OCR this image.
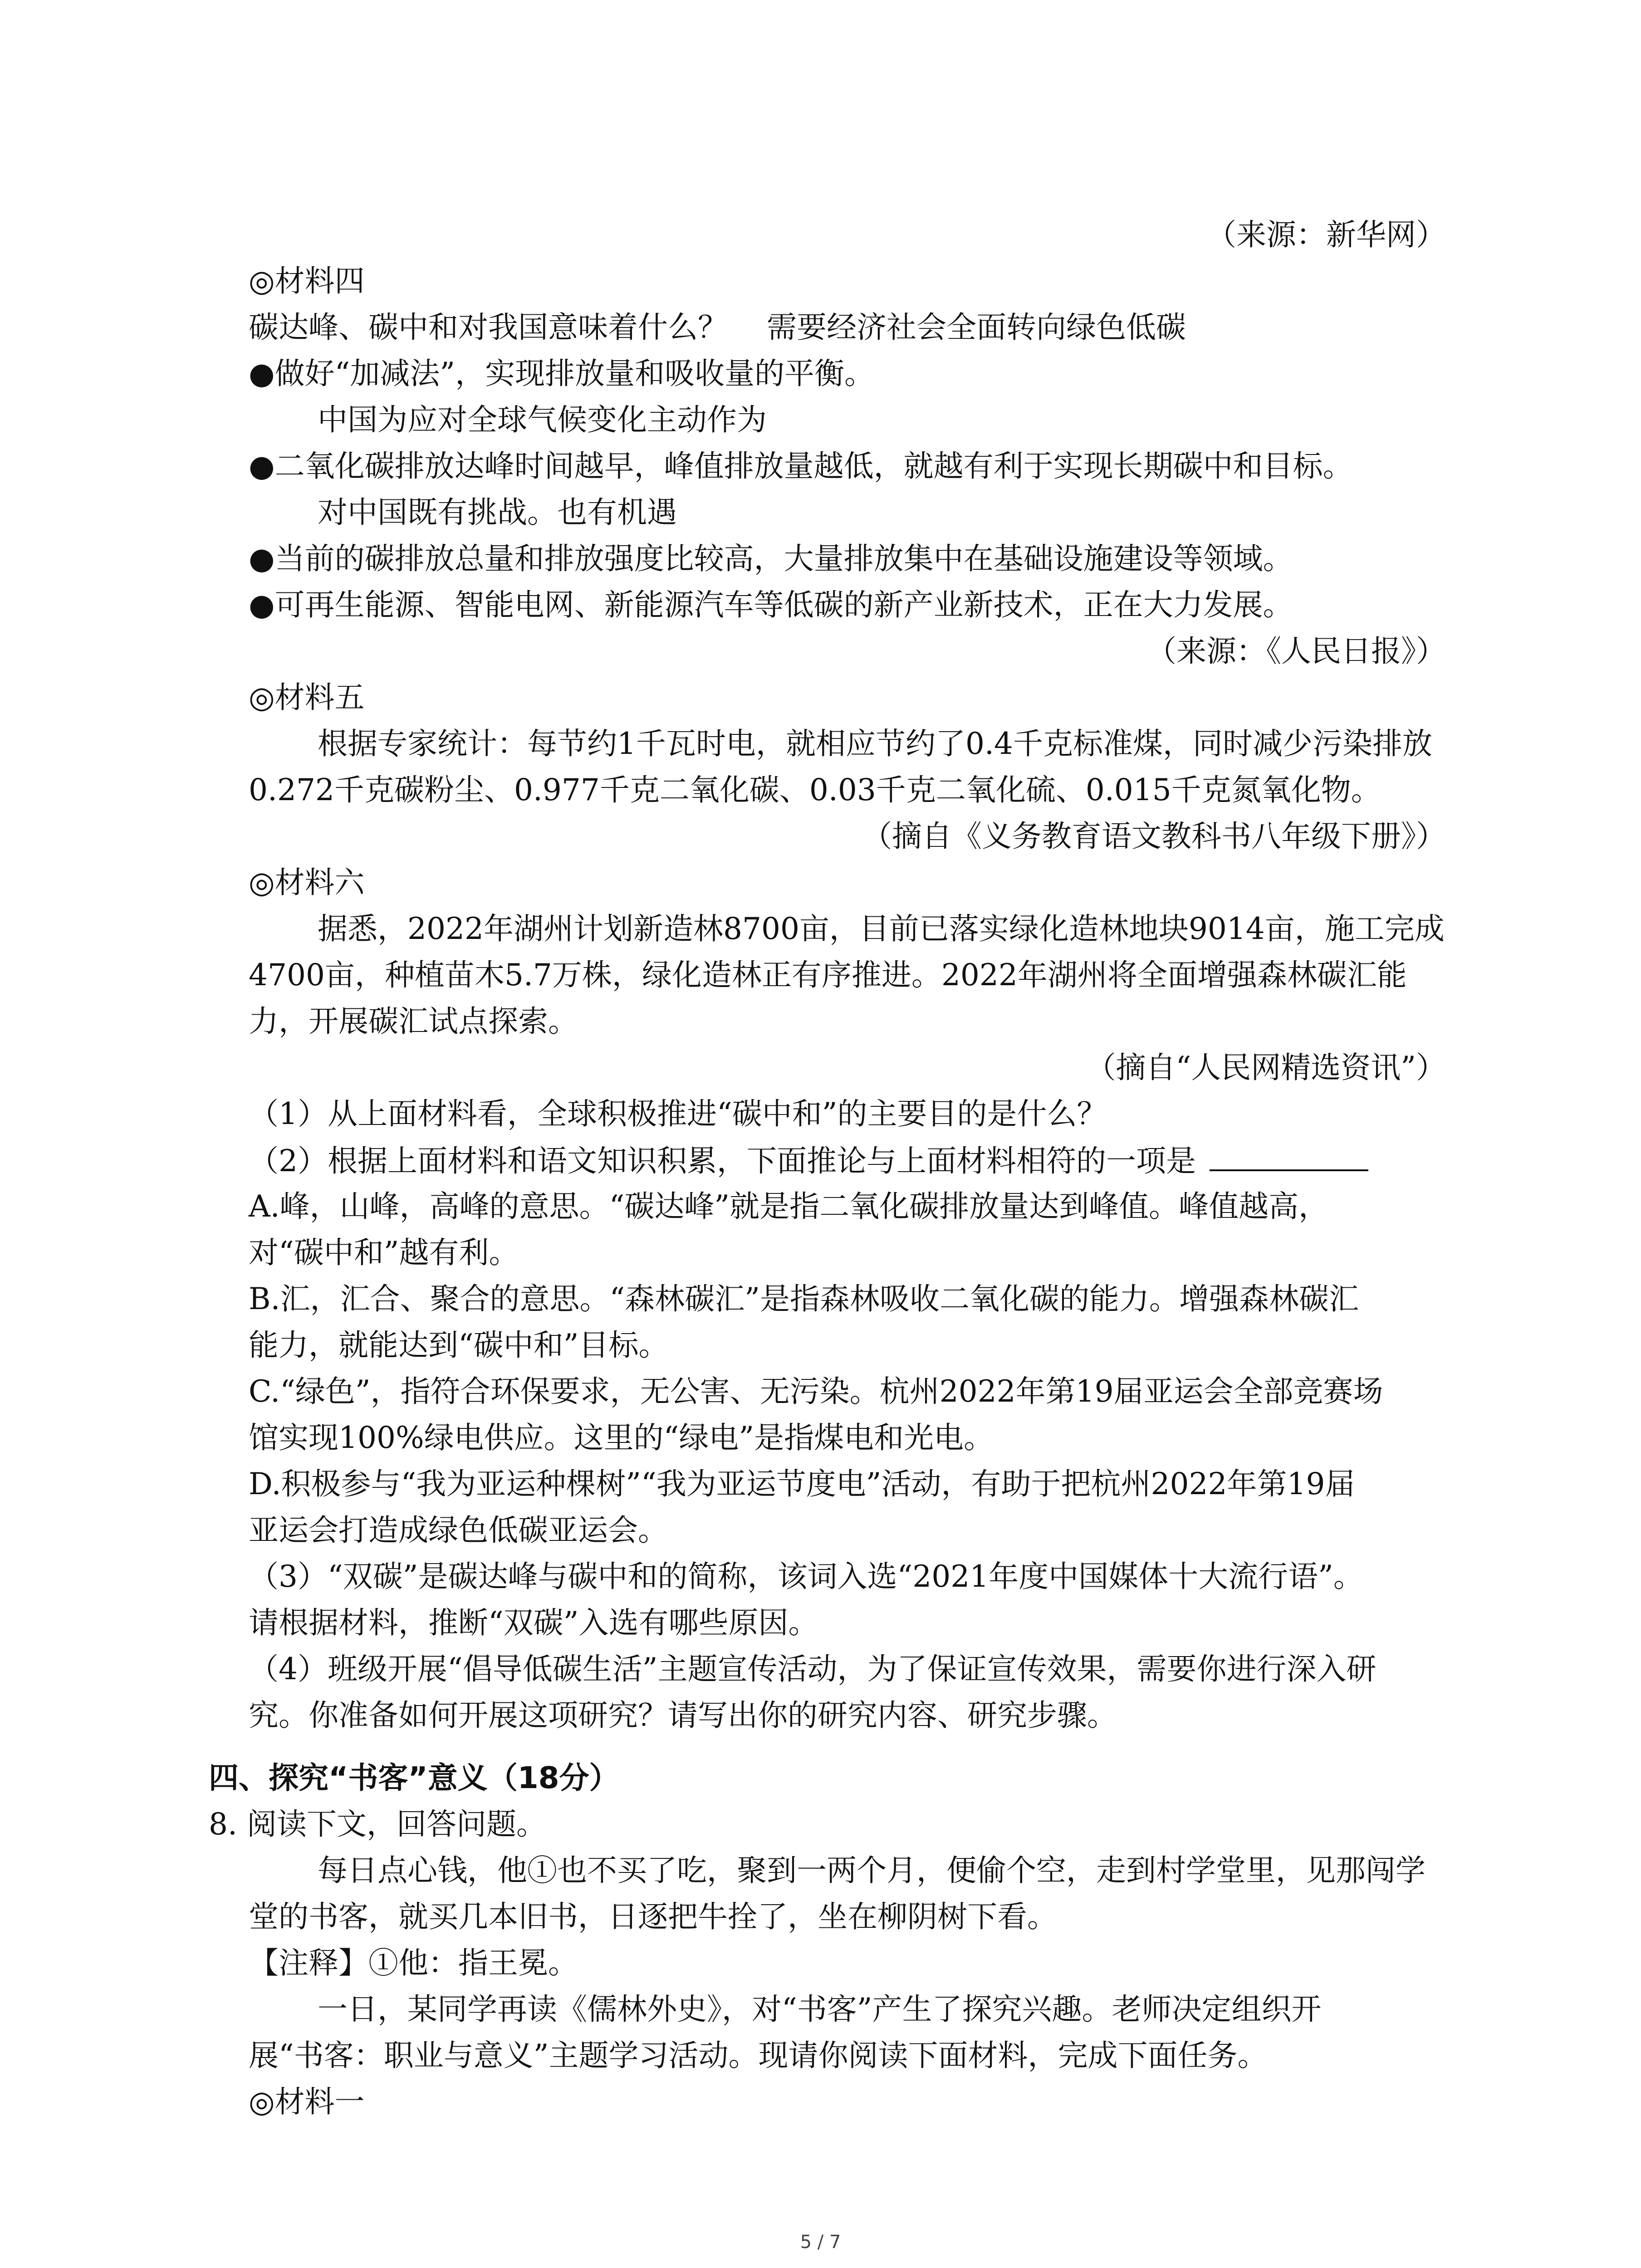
（来源：新华网）
◎材料四
碳达峰、碳中和对我国意味着什么？ 需要经济社会全面转向绿色低碳
●做好“加减法”，实现排放量和吸收量的平衡。
中国为应对全球气候变化主动作为
●二氧化碳排放达峰时间越早，峰值排放量越低，就越有利于实现长期碳中和目标。
对中国既有挑战。也有机遇
●当前的碳排放总量和排放强度比较高，大量排放集中在基础设施建设等领域。
●可再生能源、智能电网、新能源汽车等低碳的新产业新技术，正在大力发展。
（来源：《人民日报》）
◎材料五
根据专家统计：每节约1千瓦时电，就相应节约了0.4千克标准煤，同时减少污染排放
0.272千克碳粉尘、0.977千克二氧化碳、0.03千克二氧化硫、0.015千克氮氧化物。
（摘自《义务教育语文教科书八年级下册》）
◎材料六
据悉，2022年湖州计划新造林8700亩，目前已落实绿化造林地块9014亩，施工完成
4700亩，种植苗木5.7万株，绿化造林正有序推进。2022年湖州将全面增强森林碳汇能
力，开展碳汇试点探索。
（摘自“人民网精选资讯”）
（1）从上面材料看，全球积极推进“碳中和”的主要目的是什么？
（2）根据上面材料和语文知识积累，下面推论与上面材料相符的一项是
A.峰，山峰，高峰的意思。“碳达峰”就是指二氧化碳排放量达到峰值。峰值越高，
对“碳中和”越有利。
B.汇，汇合、聚合的意思。“森林碳汇”是指森林吸收二氧化碳的能力。增强森林碳汇
能力，就能达到“碳中和”目标。
C.“绿色”，指符合环保要求，无公害、无污染。杭州2022年第19届亚运会全部竞赛场
馆实现100%绿电供应。这里的“绿电”是指煤电和光电。
D.积极参与“我为亚运种棵树”“我为亚运节度电”活动，有助于把杭州2022年第19届
亚运会打造成绿色低碳亚运会。
（3）“双碳”是碳达峰与碳中和的简称，该词入选“2021年度中国媒体十大流行语”。
请根据材料，推断“双碳”入选有哪些原因。
（4）班级开展“倡导低碳生活”主题宣传活动，为了保证宣传效果，需要你进行深入研
究。你准备如何开展这项研究？请写出你的研究内容、研究步骤。
四、探究“书客”意义（18分）
8. 阅读下文，回答问题。
每日点心钱，他①也不买了吃，聚到一两个月，便偷个空，走到村学堂里，见那闯学
堂的书客，就买几本旧书，日逐把牛拴了，坐在柳阴树下看。
【注释】①他：指王冕。
一日，某同学再读《儒林外史》，对“书客”产生了探究兴趣。老师决定组织开
展“书客：职业与意义”主题学习活动。现请你阅读下面材料，完成下面任务。
◎材料一
5 / 7
